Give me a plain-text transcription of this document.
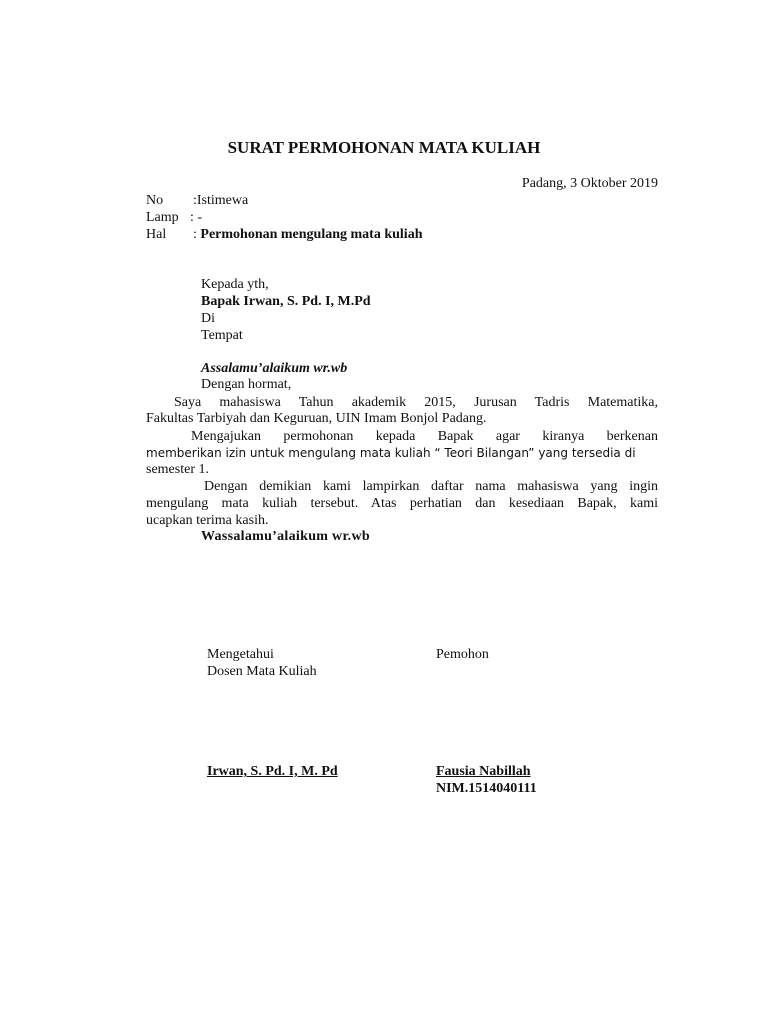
SURAT PERMOHONAN MATA KULIAH
Padang, 3 Oktober 2019
No :Istimewa
Lamp : -
Hal : Permohonan mengulang mata kuliah
Kepada yth,
Bapak Irwan, S. Pd. I, M.Pd
Di
Tempat
Assalamu’alaikum wr.wb
Dengan hormat,
Saya mahasiswa Tahun akademik 2015, Jurusan Tadris Matematika,
Fakultas Tarbiyah dan Keguruan, UIN Imam Bonjol Padang.
Mengajukan permohonan kepada Bapak agar kiranya berkenan
memberikan izin untuk mengulang mata kuliah “ Teori Bilangan” yang tersedia di
semester 1.
Dengan demikian kami lampirkan daftar nama mahasiswa yang ingin
mengulang mata kuliah tersebut. Atas perhatian dan kesediaan Bapak, kami
ucapkan terima kasih.
Wassalamu’alaikum wr.wb
Mengetahui
Dosen Mata Kuliah
Pemohon
Irwan, S. Pd. I, M. Pd	Fausia Nabillah
NIM.1514040111
